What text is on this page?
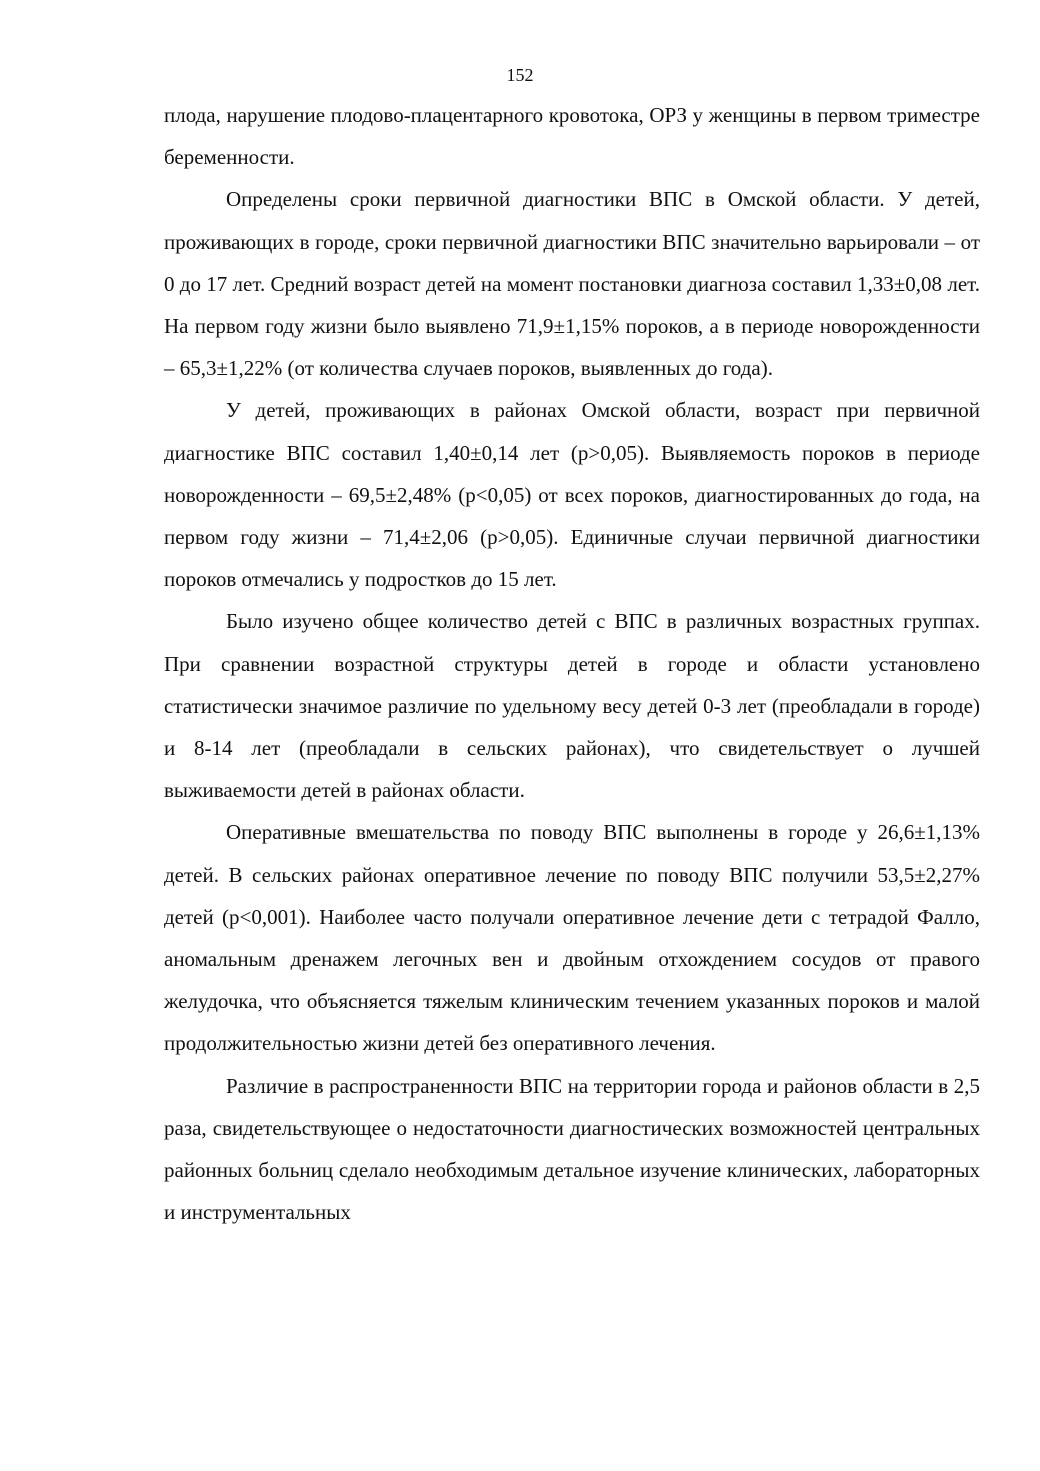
152

плода, нарушение плодово-плацентарного кровотока, ОРЗ у женщины в первом триместре беременности.

Определены сроки первичной диагностики ВПС в Омской области. У детей, проживающих в городе, сроки первичной диагностики ВПС значительно варьировали – от 0 до 17 лет. Средний возраст детей на момент постановки диагноза составил 1,33±0,08 лет. На первом году жизни было выявлено 71,9±1,15% пороков, а в периоде новорожденности – 65,3±1,22% (от количества случаев пороков, выявленных до года).

У детей, проживающих в районах Омской области, возраст при первичной диагностике ВПС составил 1,40±0,14 лет (p>0,05). Выявляемость пороков в периоде новорожденности – 69,5±2,48% (p<0,05) от всех пороков, диагностированных до года, на первом году жизни – 71,4±2,06 (p>0,05). Единичные случаи первичной диагностики пороков отмечались у подростков до 15 лет.

Было изучено общее количество детей с ВПС в различных возрастных группах. При сравнении возрастной структуры детей в городе и области установлено статистически значимое различие по удельному весу детей 0-3 лет (преобладали в городе) и 8-14 лет (преобладали в сельских районах), что свидетельствует о лучшей выживаемости детей в районах области.

Оперативные вмешательства по поводу ВПС выполнены в городе у 26,6±1,13% детей. В сельских районах оперативное лечение по поводу ВПС получили 53,5±2,27% детей (p<0,001). Наиболее часто получали оперативное лечение дети с тетрадой Фалло, аномальным дренажем легочных вен и двойным отхождением сосудов от правого желудочка, что объясняется тяжелым клиническим течением указанных пороков и малой продолжительностью жизни детей без оперативного лечения.

Различие в распространенности ВПС на территории города и районов области в 2,5 раза, свидетельствующее о недостаточности диагностических возможностей центральных районных больниц сделало необходимым детальное изучение клинических, лабораторных и инструментальных
